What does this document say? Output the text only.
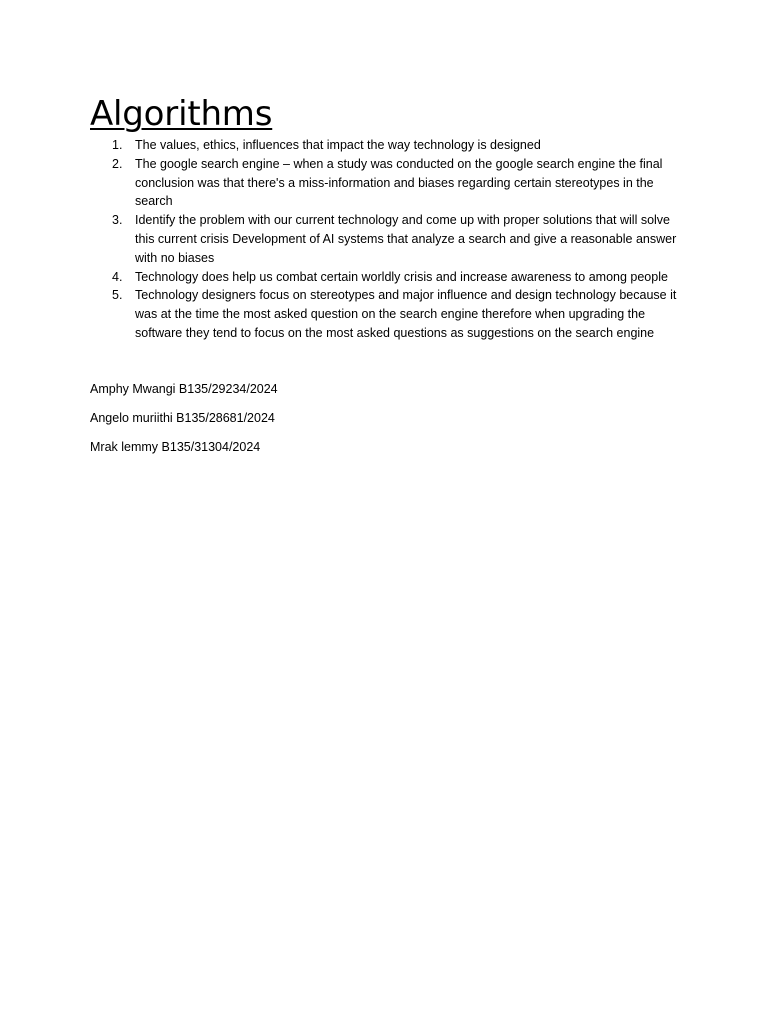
Algorithms
1. The values, ethics, influences that impact the way technology is designed
2. The google search engine – when a study was conducted on the google search engine the final conclusion was that there's a miss-information and biases regarding certain stereotypes in the search
3. Identify the problem with our current technology and come up with proper solutions that will solve this current crisis Development of AI systems that analyze a search and give a reasonable answer with no biases
4. Technology does help us combat certain worldly crisis and increase awareness to among people
5. Technology designers focus on stereotypes and major influence and design technology because it was at the time the most asked question on the search engine therefore when upgrading the software they tend to focus on the most asked questions as suggestions on the search engine

Amphy Mwangi B135/29234/2024

Angelo muriithi B135/28681/2024

Mrak lemmy B135/31304/2024
